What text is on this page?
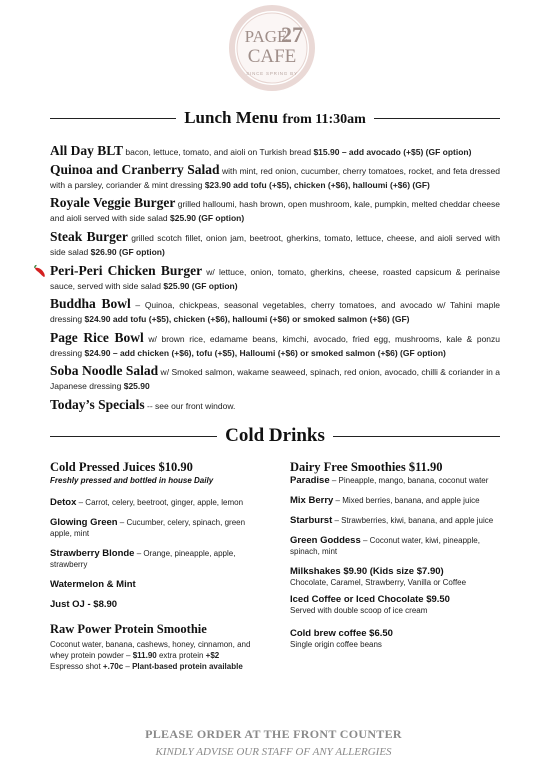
PAGE
27
CAFE
SINCE SPRING BY
Lunch Menu from 11:30am
All Day BLT bacon, lettuce, tomato, and aioli on Turkish bread $15.90 – add avocado (+$5) (GF option)
Quinoa and Cranberry Salad with mint, red onion, cucumber, cherry tomatoes, rocket, and feta dressed with a parsley, coriander & mint dressing $23.90 add tofu (+$5), chicken (+$6), halloumi (+$6) (GF)
Royale Veggie Burger grilled halloumi, hash brown, open mushroom, kale, pumpkin, melted cheddar cheese and aioli served with side salad $25.90 (GF option)
Steak Burger grilled scotch fillet, onion jam, beetroot, gherkins, tomato, lettuce, cheese, and aioli served with side salad $26.90 (GF option)
Peri-Peri Chicken Burger w/ lettuce, onion, tomato, gherkins, cheese, roasted capsicum & perinaise sauce, served with side salad $25.90 (GF option)
Buddha Bowl – Quinoa, chickpeas, seasonal vegetables, cherry tomatoes, and avocado w/ Tahini maple dressing $24.90 add tofu (+$5), chicken (+$6), halloumi (+$6) or smoked salmon (+$6) (GF)
Page Rice Bowl w/ brown rice, edamame beans, kimchi, avocado, fried egg, mushrooms, kale & ponzu dressing $24.90 – add chicken (+$6), tofu (+$5), Halloumi (+$6) or smoked salmon (+$6) (GF option)
Soba Noodle Salad w/ Smoked salmon, wakame seaweed, spinach, red onion, avocado, chilli & coriander in a Japanese dressing $25.90
Today’s Specials -- see our front window.
Cold Drinks
Cold Pressed Juices $10.90
Freshly pressed and bottled in house Daily
Detox – Carrot, celery, beetroot, ginger, apple, lemon
Glowing Green – Cucumber, celery, spinach, green apple, mint
Strawberry Blonde – Orange, pineapple, apple, strawberry
Watermelon & Mint
Just OJ - $8.90
Raw Power Protein Smoothie
Coconut water, banana, cashews, honey, cinnamon, and whey protein powder – $11.90 extra protein +$2
Espresso shot +.70c – Plant-based protein available
Dairy Free Smoothies $11.90
Paradise – Pineapple, mango, banana, coconut water
Mix Berry – Mixed berries, banana, and apple juice
Starburst – Strawberries, kiwi, banana, and apple juice
Green Goddess – Coconut water, kiwi, pineapple, spinach, mint
Milkshakes $9.90 (Kids size $7.90)
Chocolate, Caramel, Strawberry, Vanilla or Coffee
Iced Coffee or Iced Chocolate $9.50
Served with double scoop of ice cream
Cold brew coffee $6.50
Single origin coffee beans
PLEASE ORDER AT THE FRONT COUNTER
KINDLY ADVISE OUR STAFF OF ANY ALLERGIES
